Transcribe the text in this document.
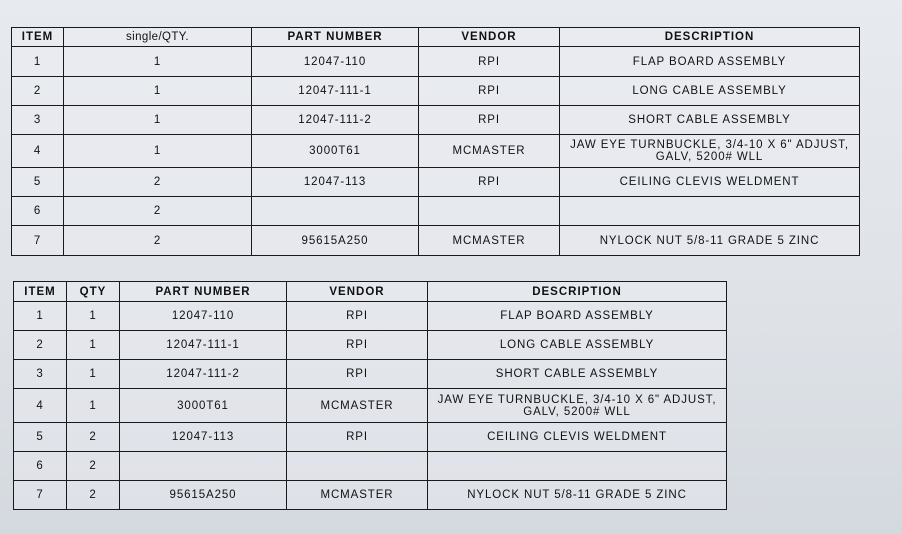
ITEM	single/QTY.	PART NUMBER	VENDOR	DESCRIPTION
1	1	12047-110	RPI	FLAP BOARD ASSEMBLY
2	1	12047-111-1	RPI	LONG CABLE ASSEMBLY
3	1	12047-111-2	RPI	SHORT CABLE ASSEMBLY
4	1	3000T61	MCMASTER	JAW EYE TURNBUCKLE, 3/4-10 X 6" ADJUST, GALV, 5200# WLL
5	2	12047-113	RPI	CEILING CLEVIS WELDMENT
6	2			
7	2	95615A250	MCMASTER	NYLOCK NUT 5/8-11 GRADE 5 ZINC
ITEM	QTY	PART NUMBER	VENDOR	DESCRIPTION
1	1	12047-110	RPI	FLAP BOARD ASSEMBLY
2	1	12047-111-1	RPI	LONG CABLE ASSEMBLY
3	1	12047-111-2	RPI	SHORT CABLE ASSEMBLY
4	1	3000T61	MCMASTER	JAW EYE TURNBUCKLE, 3/4-10 X 6" ADJUST, GALV, 5200# WLL
5	2	12047-113	RPI	CEILING CLEVIS WELDMENT
6	2			
7	2	95615A250	MCMASTER	NYLOCK NUT 5/8-11 GRADE 5 ZINC
